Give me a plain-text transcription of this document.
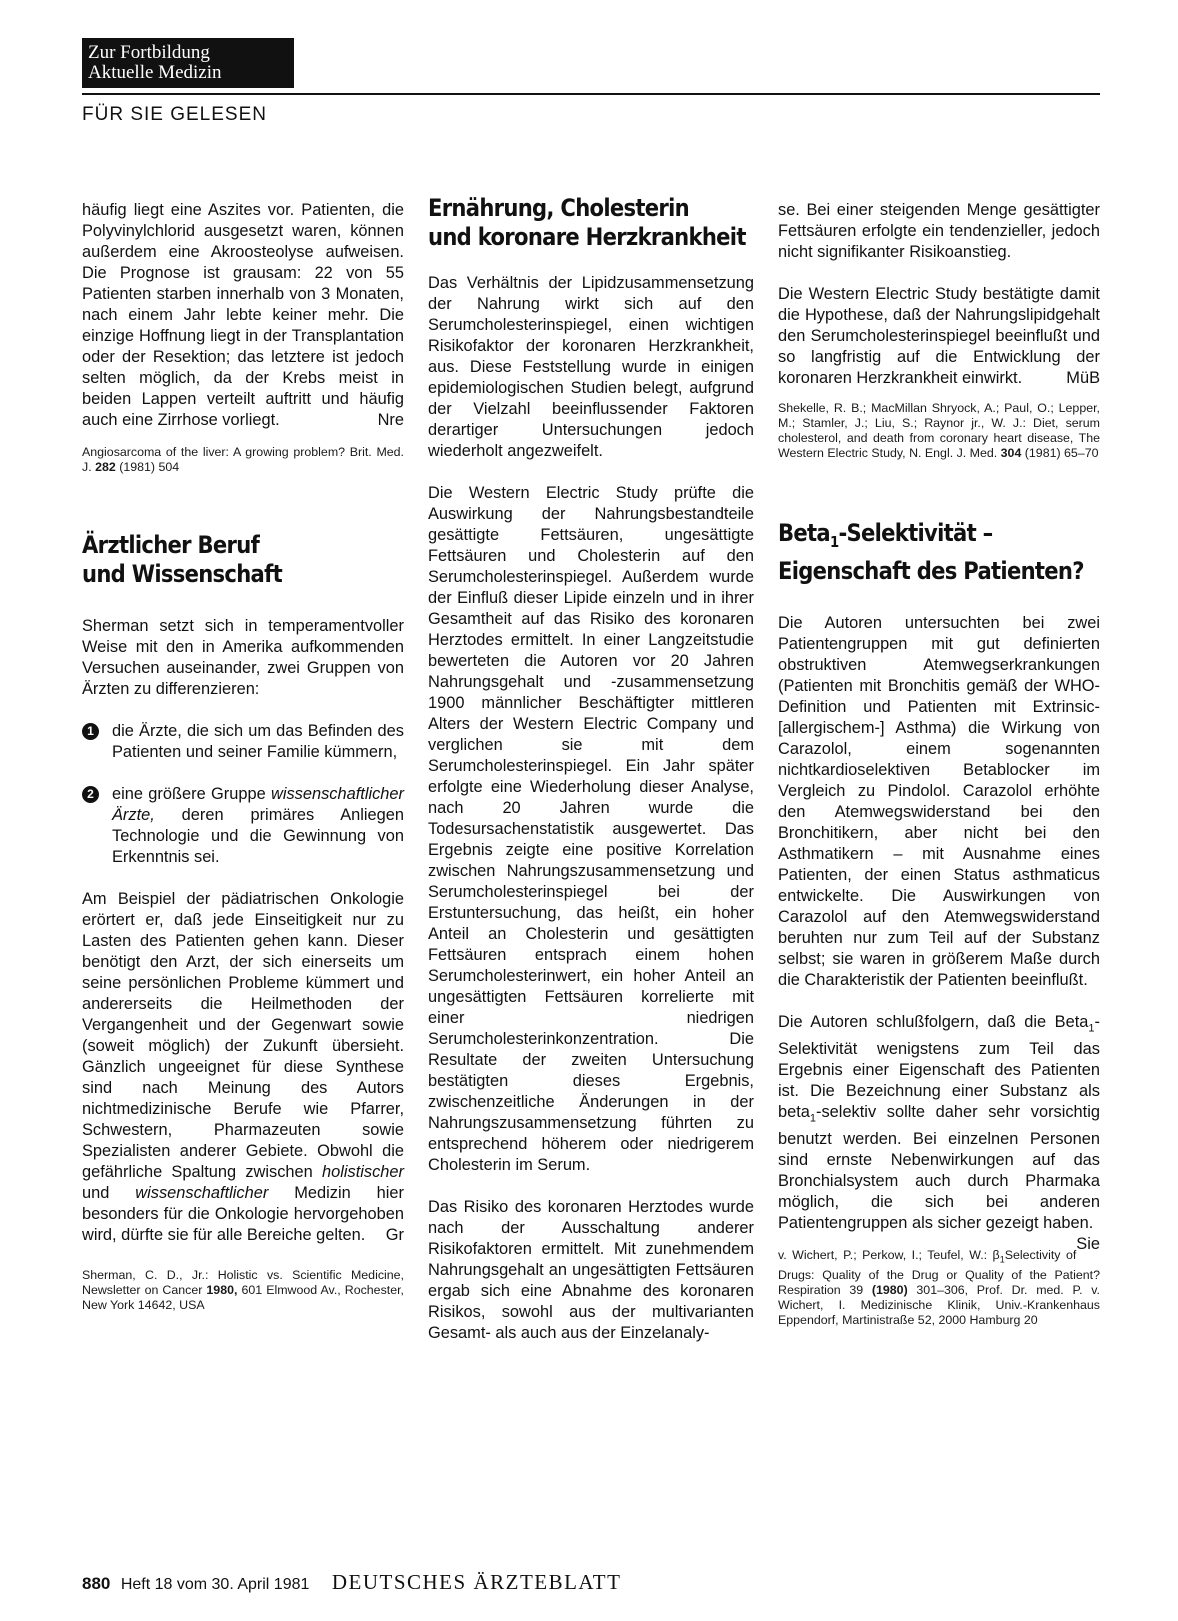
Zur Fortbildung
Aktuelle Medizin
FÜR SIE GELESEN

häufig liegt eine Aszites vor. Patienten, die Polyvinylchlorid ausgesetzt waren, können außerdem eine Akroosteolyse aufweisen. Die Prognose ist grausam: 22 von 55 Patienten starben innerhalb von 3 Monaten, nach einem Jahr lebte keiner mehr. Die einzige Hoffnung liegt in der Transplantation oder der Resektion; das letztere ist jedoch selten möglich, da der Krebs meist in beiden Lappen verteilt auftritt und häufig auch eine Zirrhose vorliegt.	Nre

Angiosarcoma of the liver: A growing problem? Brit. Med. J. 282 (1981) 504

Ärztlicher Beruf
und Wissenschaft

Sherman setzt sich in temperamentvoller Weise mit den in Amerika aufkommenden Versuchen auseinander, zwei Gruppen von Ärzten zu differenzieren:

1	die Ärzte, die sich um das Befinden des Patienten und seiner Familie kümmern,

2	eine größere Gruppe wissenschaftlicher Ärzte, deren primäres Anliegen Technologie und die Gewinnung von Erkenntnis sei.

Am Beispiel der pädiatrischen Onkologie erörtert er, daß jede Einseitigkeit nur zu Lasten des Patienten gehen kann. Dieser benötigt den Arzt, der sich einerseits um seine persönlichen Probleme kümmert und andererseits die Heilmethoden der Vergangenheit und der Gegenwart sowie (soweit möglich) der Zukunft übersieht. Gänzlich ungeeignet für diese Synthese sind nach Meinung des Autors nichtmedizinische Berufe wie Pfarrer, Schwestern, Pharmazeuten sowie Spezialisten anderer Gebiete. Obwohl die gefährliche Spaltung zwischen holistischer und wissenschaftlicher Medizin hier besonders für die Onkologie hervorgehoben wird, dürfte sie für alle Bereiche gelten. Gr

Sherman, C. D., Jr.: Holistic vs. Scientific Medicine, Newsletter on Cancer 1980, 601 Elmwood Av., Rochester, New York 14642, USA

Ernährung, Cholesterin
und koronare Herzkrankheit

Das Verhältnis der Lipidzusammensetzung der Nahrung wirkt sich auf den Serumcholesterinspiegel, einen wichtigen Risikofaktor der koronaren Herzkrankheit, aus. Diese Feststellung wurde in einigen epidemiologischen Studien belegt, aufgrund der Vielzahl beeinflussender Faktoren derartiger Untersuchungen jedoch wiederholt angezweifelt.

Die Western Electric Study prüfte die Auswirkung der Nahrungsbestandteile gesättigte Fettsäuren, ungesättigte Fettsäuren und Cholesterin auf den Serumcholesterinspiegel. Außerdem wurde der Einfluß dieser Lipide einzeln und in ihrer Gesamtheit auf das Risiko des koronaren Herztodes ermittelt. In einer Langzeitstudie bewerteten die Autoren vor 20 Jahren Nahrungsgehalt und -zusammensetzung 1900 männlicher Beschäftigter mittleren Alters der Western Electric Company und verglichen sie mit dem Serumcholesterinspiegel. Ein Jahr später erfolgte eine Wiederholung dieser Analyse, nach 20 Jahren wurde die Todesursachenstatistik ausgewertet. Das Ergebnis zeigte eine positive Korrelation zwischen Nahrungszusammensetzung und Serumcholesterinspiegel bei der Erstuntersuchung, das heißt, ein hoher Anteil an Cholesterin und gesättigten Fettsäuren entsprach einem hohen Serumcholesterinwert, ein hoher Anteil an ungesättigten Fettsäuren korrelierte mit einer niedrigen Serumcholesterinkonzentration. Die Resultate der zweiten Untersuchung bestätigten dieses Ergebnis, zwischenzeitliche Änderungen in der Nahrungszusammensetzung führten zu entsprechend höherem oder niedrigerem Cholesterin im Serum.

Das Risiko des koronaren Herztodes wurde nach der Ausschaltung anderer Risikofaktoren ermittelt. Mit zunehmendem Nahrungsgehalt an ungesättigten Fettsäuren ergab sich eine Abnahme des koronaren Risikos, sowohl aus der multivarianten Gesamt- als auch aus der Einzelanaly-

se. Bei einer steigenden Menge gesättigter Fettsäuren erfolgte ein tendenzieller, jedoch nicht signifikanter Risikoanstieg.

Die Western Electric Study bestätigte damit die Hypothese, daß der Nahrungslipidgehalt den Serumcholesterinspiegel beeinflußt und so langfristig auf die Entwicklung der koronaren Herzkrankheit einwirkt.	MüB

Shekelle, R. B.; MacMillan Shryock, A.; Paul, O.; Lepper, M.; Stamler, J.; Liu, S.; Raynor jr., W. J.: Diet, serum cholesterol, and death from coronary heart disease, The Western Electric Study, N. Engl. J. Med. 304 (1981) 65–70

Beta$_1$-Selektivität –
Eigenschaft des Patienten?

Die Autoren untersuchten bei zwei Patientengruppen mit gut definierten obstruktiven Atemwegserkrankungen (Patienten mit Bronchitis gemäß der WHO-Definition und Patienten mit Extrinsic-[allergischem-] Asthma) die Wirkung von Carazolol, einem sogenannten nichtkardioselektiven Betablocker im Vergleich zu Pindolol. Carazolol erhöhte den Atemwegswiderstand bei den Bronchitikern, aber nicht bei den Asthmatikern – mit Ausnahme eines Patienten, der einen Status asthmaticus entwickelte. Die Auswirkungen von Carazolol auf den Atemwegswiderstand beruhten nur zum Teil auf der Substanz selbst; sie waren in größerem Maße durch die Charakteristik der Patienten beeinflußt.

Die Autoren schlußfolgern, daß die Beta$_1$-Selektivität wenigstens zum Teil das Ergebnis einer Eigenschaft des Patienten ist. Die Bezeichnung einer Substanz als beta$_1$-selektiv sollte daher sehr vorsichtig benutzt werden. Bei einzelnen Personen sind ernste Nebenwirkungen auf das Bronchialsystem auch durch Pharmaka möglich, die sich bei anderen Patientengruppen als sicher gezeigt haben.
Sie

v. Wichert, P.; Perkow, I.; Teufel, W.: $\beta_1Selectivity$ of Drugs: Quality of the Drug or Quality of the Patient? Respiration 39 (1980) 301–306, Prof. Dr. med. P. v. Wichert, I. Medizinische Klinik, Univ.-Krankenhaus Eppendorf, Martinistraße 52, 2000 Hamburg 20

880 Heft 18 vom 30. April 1981 DEUTSCHES ÄRZTEBLATT
